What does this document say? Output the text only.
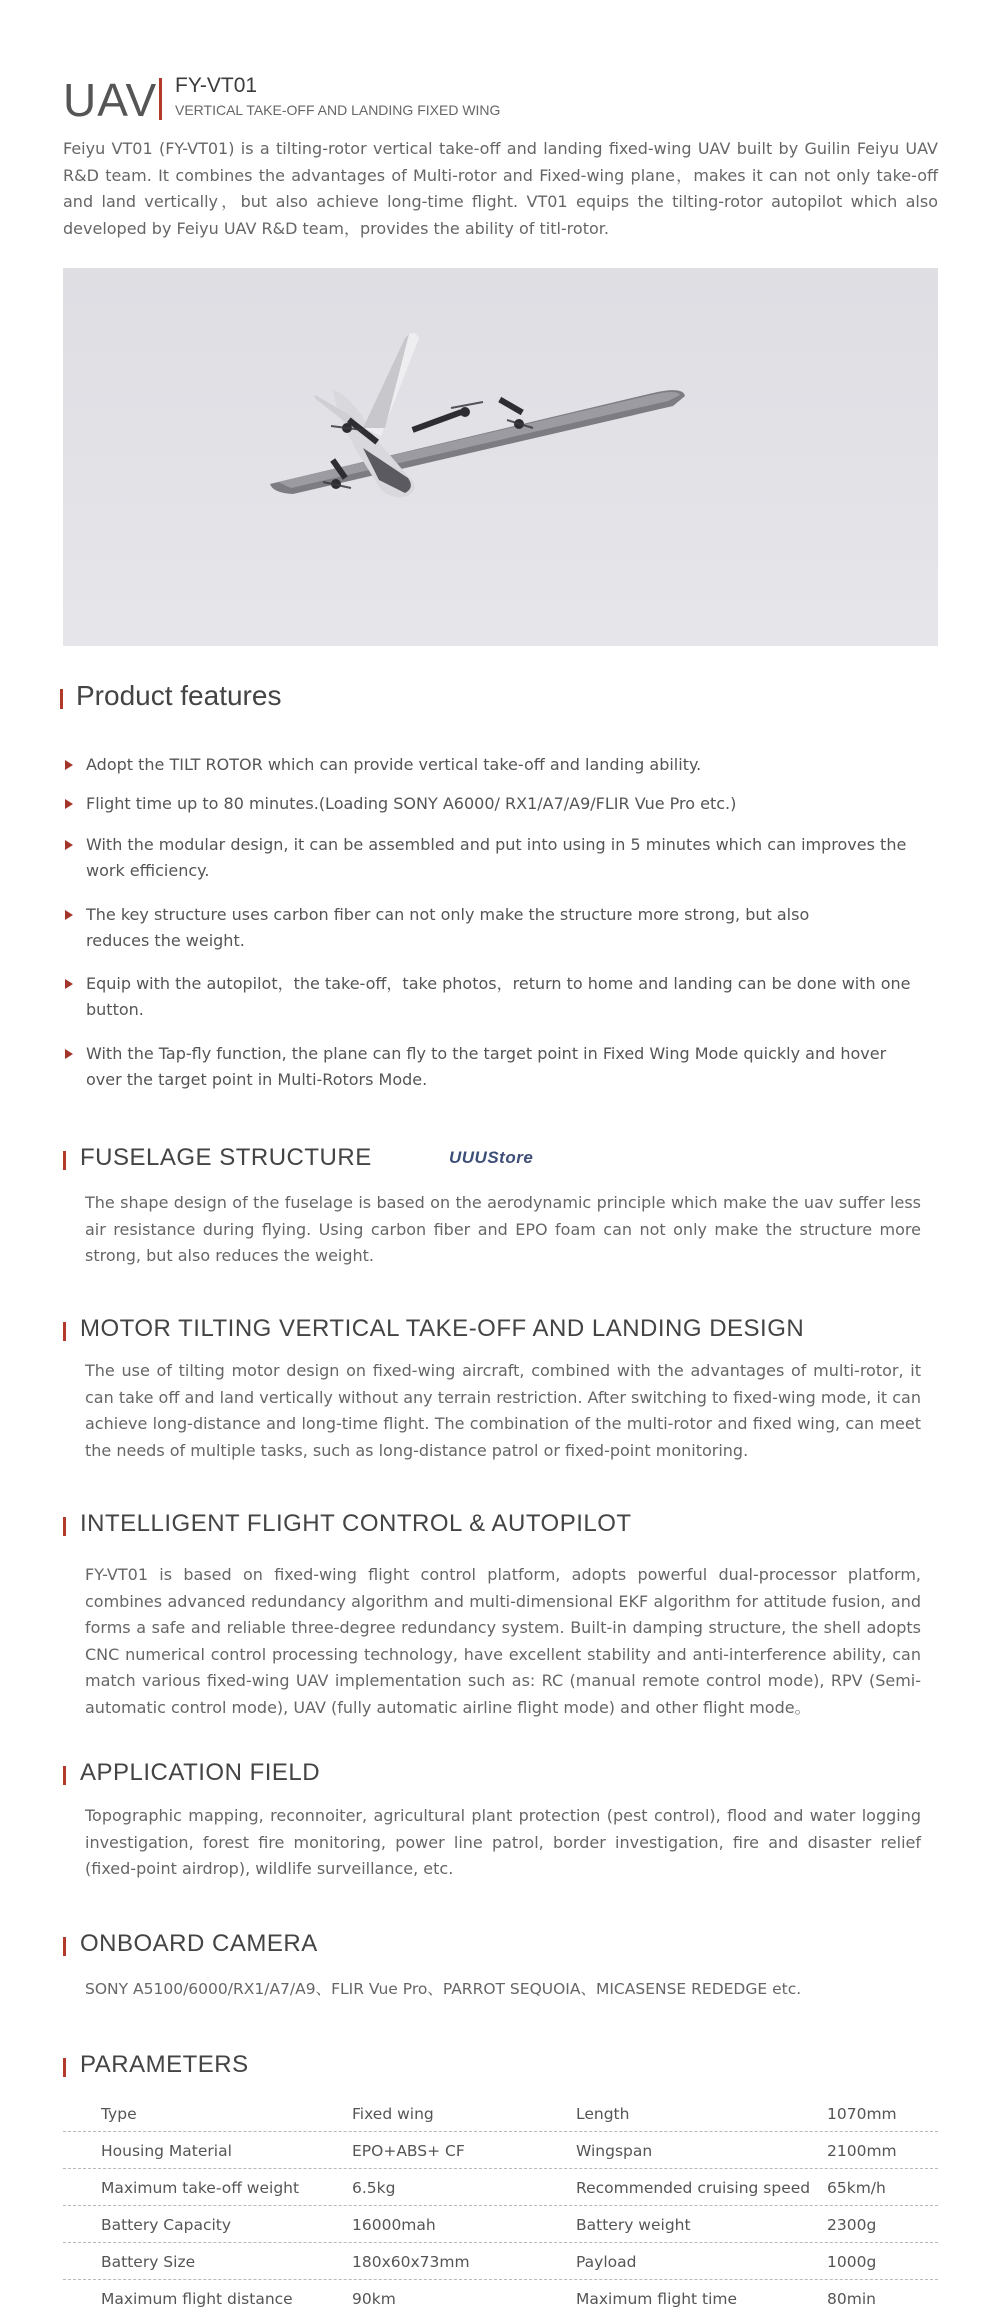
UAV FY-VT01
VERTICAL TAKE-OFF AND LANDING FIXED WING

Feiyu VT01 (FY-VT01) is a tilting-rotor vertical take-off and landing fixed-wing UAV built by Guilin Feiyu UAV R&D team. It combines the advantages of Multi-rotor and Fixed-wing plane，makes it can not only take-off and land vertically，but also achieve long-time flight. VT01 equips the tilting-rotor autopilot which also developed by Feiyu UAV R&D team，provides the ability of titl-rotor.

Product features
Adopt the TILT ROTOR which can provide vertical take-off and landing ability.
Flight time up to 80 minutes.(Loading SONY A6000/ RX1/A7/A9/FLIR Vue Pro etc.)
With the modular design, it can be assembled and put into using in 5 minutes which can improves the work efficiency.
The key structure uses carbon fiber can not only make the structure more strong, but also reduces the weight.
Equip with the autopilot，the take-off，take photos，return to home and landing can be done with one button.
With the Tap-fly function, the plane can fly to the target point in Fixed Wing Mode quickly and hover over the target point in Multi-Rotors Mode.
FUSELAGE STRUCTURE	UUUStore

The shape design of the fuselage is based on the aerodynamic principle which make the uav suffer less air resistance during flying. Using carbon fiber and EPO foam can not only make the structure more strong, but also reduces the weight.

MOTOR TILTING VERTICAL TAKE-OFF AND LANDING DESIGN

The use of tilting motor design on fixed-wing aircraft, combined with the advantages of multi-rotor, it can take off and land vertically without any terrain restriction. After switching to fixed-wing mode, it can achieve long-distance and long-time flight. The combination of the multi-rotor and fixed wing, can meet the needs of multiple tasks, such as long-distance patrol or fixed-point monitoring.

INTELLIGENT FLIGHT CONTROL & AUTOPILOT

FY-VT01 is based on fixed-wing flight control platform, adopts powerful dual-processor platform, combines advanced redundancy algorithm and multi-dimensional EKF algorithm for attitude fusion, and forms a safe and reliable three-degree redundancy system. Built-in damping structure, the shell adopts CNC numerical control processing technology, have excellent stability and anti-interference ability, can match various fixed-wing UAV implementation such as: RC (manual remote control mode), RPV (Semi-automatic control mode), UAV (fully automatic airline flight mode) and other flight mode。

APPLICATION FIELD

Topographic mapping, reconnoiter, agricultural plant protection (pest control), flood and water logging investigation, forest fire monitoring, power line patrol, border investigation, fire and disaster relief (fixed-point airdrop), wildlife surveillance, etc.

ONBOARD CAMERA

SONY A5100/6000/RX1/A7/A9、FLIR Vue Pro、PARROT SEQUOIA、MICASENSE REDEDGE etc.

PARAMETERS
Type	Fixed wing	Length	1070mm
Housing Material	EPO+ABS+ CF	Wingspan	2100mm
Maximum take-off weight	6.5kg	Recommended cruising speed 65km/h
Battery Capacity	16000mah	Battery weight	2300g
Battery Size	180x60x73mm	Payload	1000g
Maximum flight distance	90km	Maximum flight time	80min
